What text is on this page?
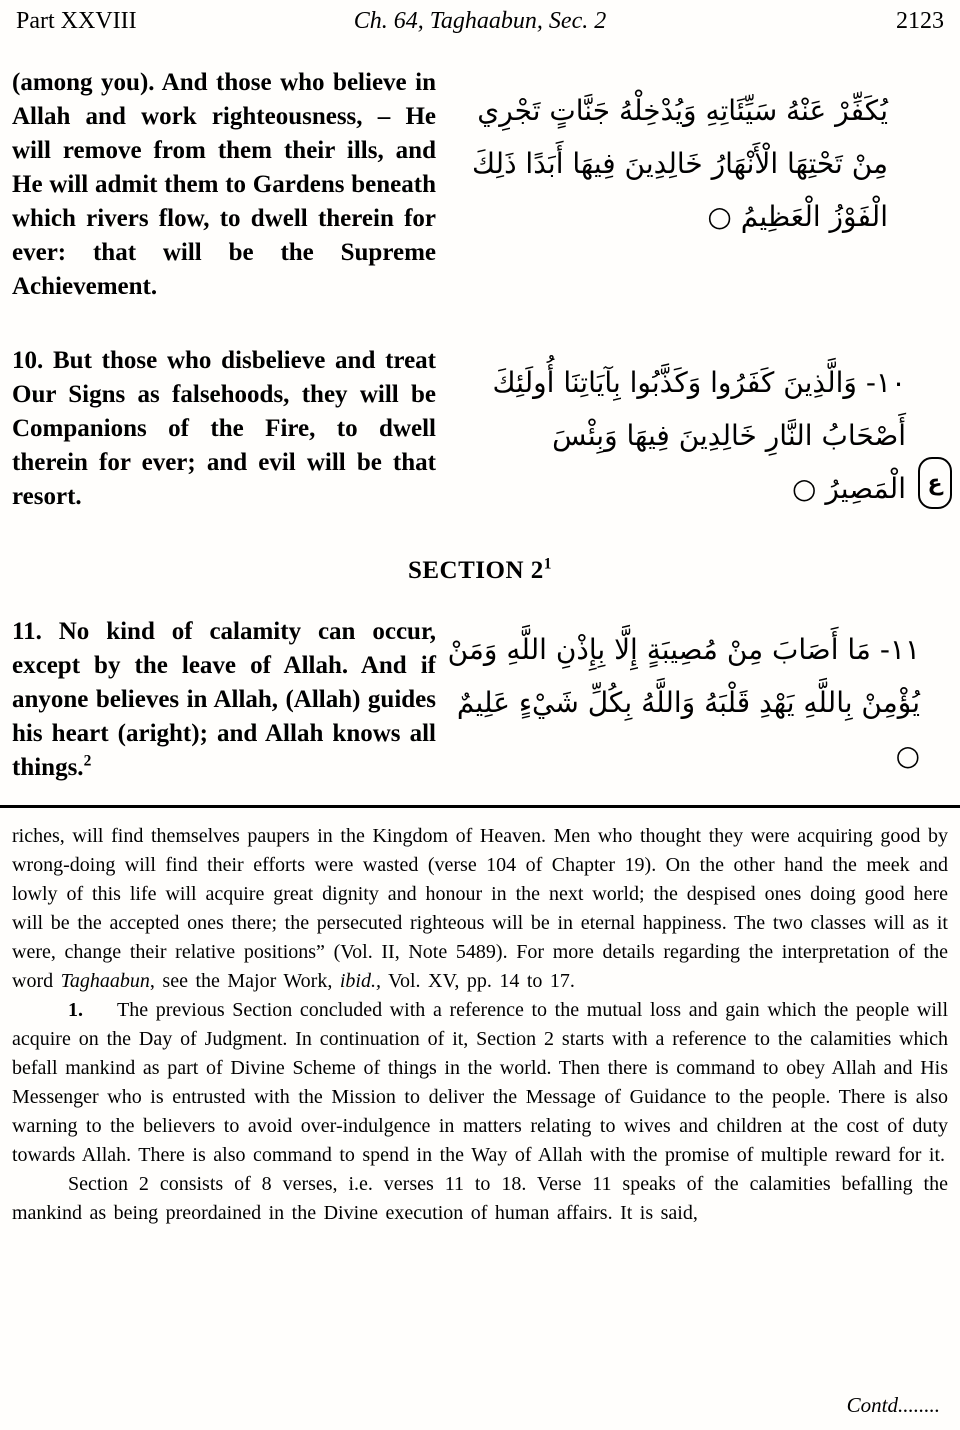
Part XXVIII	Ch. 64, Taghaabun, Sec. 2	2123
(among you). And those who believe in Allah and work righteousness, – He will remove from them their ills, and He will admit them to Gardens beneath which rivers flow, to dwell therein for ever: that will be the Supreme Achievement.
يُكَفِّرْ عَنْهُ سَيِّئَاتِهِ وَيُدْخِلْهُ جَنَّاتٍ تَجْرِي مِنْ تَحْتِهَا الْأَنْهَارُ خَالِدِينَ فِيهَا أَبَدًا ذَلِكَ الْفَوْزُ الْعَظِيمُ ○
10. But those who disbelieve and treat Our Signs as falsehoods, they will be Companions of the Fire, to dwell therein for ever; and evil will be that resort.
١٠- وَالَّذِينَ كَفَرُوا وَكَذَّبُوا بِآيَاتِنَا أُولَئِكَ أَصْحَابُ النَّارِ خَالِدِينَ فِيهَا وَبِئْسَ الْمَصِيرُ ○ ع
SECTION 2$^1$
11. No kind of calamity can occur, except by the leave of Allah. And if anyone believes in Allah, (Allah) guides his heart (aright); and Allah knows all things.$^2$
١١- مَا أَصَابَ مِنْ مُصِيبَةٍ إِلَّا بِإِذْنِ اللَّهِ وَمَنْ يُؤْمِنْ بِاللَّهِ يَهْدِ قَلْبَهُ وَاللَّهُ بِكُلِّ شَيْءٍ عَلِيمٌ ○

riches, will find themselves paupers in the Kingdom of Heaven. Men who thought they were acquiring good by wrong-doing will find their efforts were wasted (verse 104 of Chapter 19). On the other hand the meek and lowly of this life will acquire great dignity and honour in the next world; the despised ones doing good here will be the accepted ones there; the persecuted righteous will be in eternal happiness. The two classes will as it were, change their relative positions” (Vol. II, Note 5489). For more details regarding the interpretation of the word Taghaabun, see the Major Work, ibid., Vol. XV, pp. 14 to 17.

1. The previous Section concluded with a reference to the mutual loss and gain which the people will acquire on the Day of Judgment. In continuation of it, Section 2 starts with a reference to the calamities which befall mankind as part of Divine Scheme of things in the world. Then there is command to obey Allah and His Messenger who is entrusted with the Mission to deliver the Message of Guidance to the people. There is also warning to the believers to avoid over-indulgence in matters relating to wives and children at the cost of duty towards Allah. There is also command to spend in the Way of Allah with the promise of multiple reward for it.

Section 2 consists of 8 verses, i.e. verses 11 to 18. Verse 11 speaks of the calamities befalling the mankind as being preordained in the Divine execution of human affairs. It is said,

Contd........
